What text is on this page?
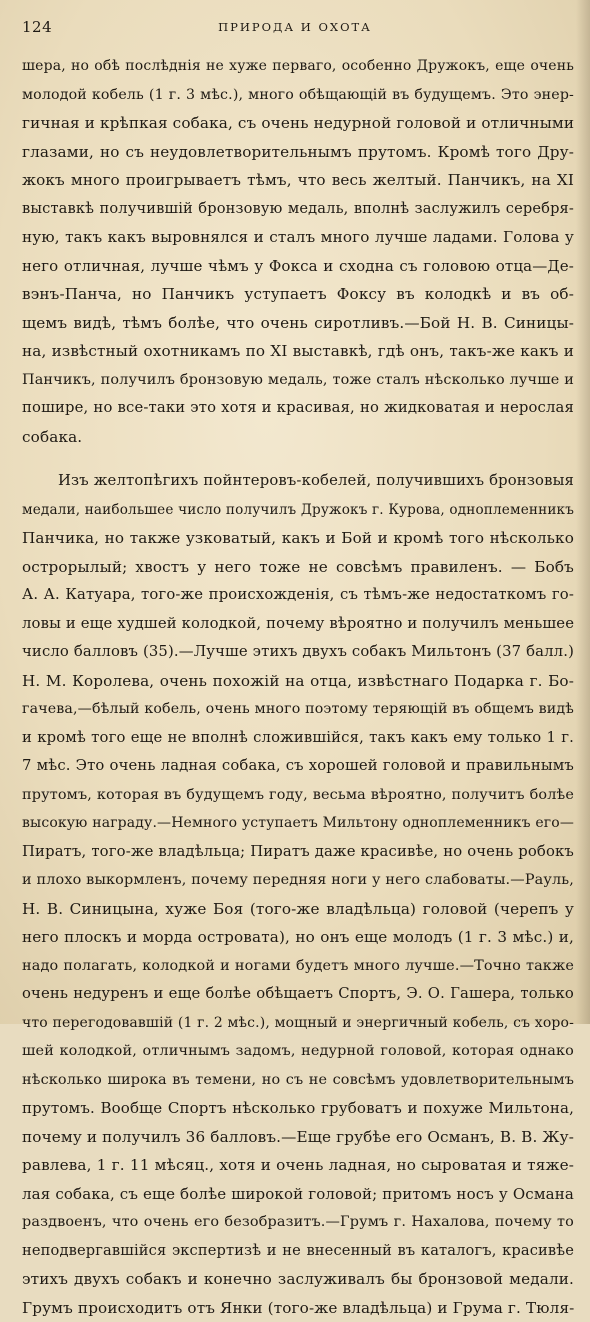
124	ПРИРОДА И ОХОТА
шера, но обѣ послѣднія не хуже перваго, особенно Дружокъ, еще очень
молодой кобель (1 г. 3 мѣс.), много обѣщающій въ будущемъ. Это энер-
гичная и крѣпкая собака, съ очень недурной головой и отличными
глазами, но съ неудовлетворительнымъ прутомъ. Кромѣ того Дру-
жокъ много проигрываетъ тѣмъ, что весь желтый. Панчикъ, на XI
выставкѣ получившій бронзовую медаль, вполнѣ заслужилъ серебря-
ную, такъ какъ выровнялся и сталъ много лучше ладами. Голова у
него отличная, лучше чѣмъ у Фокса и сходна съ головою отца—Де-
вэнъ-Панча, но Панчикъ уступаетъ Фоксу въ колодкѣ и въ об-
щемъ видѣ, тѣмъ болѣе, что очень сиротливъ.—Бой Н. В. Синицы-
на, извѣстный охотникамъ по XI выставкѣ, гдѣ онъ, такъ-же какъ и
Панчикъ, получилъ бронзовую медаль, тоже сталъ нѣсколько лучше и
пошире, но все-таки это хотя и красивая, но жидковатая и нерослая
собака.
Изъ желтопѣгихъ пойнтеровъ-кобелей, получившихъ бронзовыя
медали, наибольшее число получилъ Дружокъ г. Курова, одноплеменникъ
Панчика, но также узковатый, какъ и Бой и кромѣ того нѣсколько
острорылый; хвостъ у него тоже не совсѣмъ правиленъ. — Бобъ
А. А. Катуара, того-же происхожденія, съ тѣмъ-же недостаткомъ го-
ловы и еще худшей колодкой, почему вѣроятно и получилъ меньшее
число балловъ (35).—Лучше этихъ двухъ собакъ Мильтонъ (37 балл.)
Н. М. Королева, очень похожій на отца, извѣстнаго Подарка г. Бо-
гачева,—бѣлый кобель, очень много поэтому теряющій въ общемъ видѣ
и кромѣ того еще не вполнѣ сложившійся, такъ какъ ему только 1 г.
7 мѣс. Это очень ладная собака, съ хорошей головой и правильнымъ
прутомъ, которая въ будущемъ году, весьма вѣроятно, получитъ болѣе
высокую награду.—Немного уступаетъ Мильтону одноплеменникъ его—
Пиратъ, того-же владѣльца; Пиратъ даже красивѣе, но очень робокъ
и плохо выкормленъ, почему передняя ноги у него слабоваты.—Рауль,
Н. В. Синицына, хуже Боя (того-же владѣльца) головой (черепъ у
него плоскъ и морда островата), но онъ еще молодъ (1 г. 3 мѣс.) и,
надо полагать, колодкой и ногами будетъ много лучше.—Точно также
очень недуренъ и еще болѣе обѣщаетъ Спортъ, Э. О. Гашера, только
что перегодовавшій (1 г. 2 мѣс.), мощный и энергичный кобель, съ хоро-
шей колодкой, отличнымъ задомъ, недурной головой, которая однако
нѣсколько широка въ темени, но съ не совсѣмъ удовлетворительнымъ
прутомъ. Вообще Спортъ нѣсколько грубоватъ и похуже Мильтона,
почему и получилъ 36 балловъ.—Еще грубѣе его Османъ, В. В. Жу-
равлева, 1 г. 11 мѣсяц., хотя и очень ладная, но сыроватая и тяже-
лая собака, съ еще болѣе широкой головой; притомъ носъ у Османа
раздвоенъ, что очень его безобразитъ.—Грумъ г. Нахалова, почему то
неподвергавшійся экспертизѣ и не внесенный въ каталогъ, красивѣе
этихъ двухъ собакъ и конечно заслуживалъ бы бронзовой медали.
Грумъ происходитъ отъ Янки (того-же владѣльца) и Грума г. Тюля-
